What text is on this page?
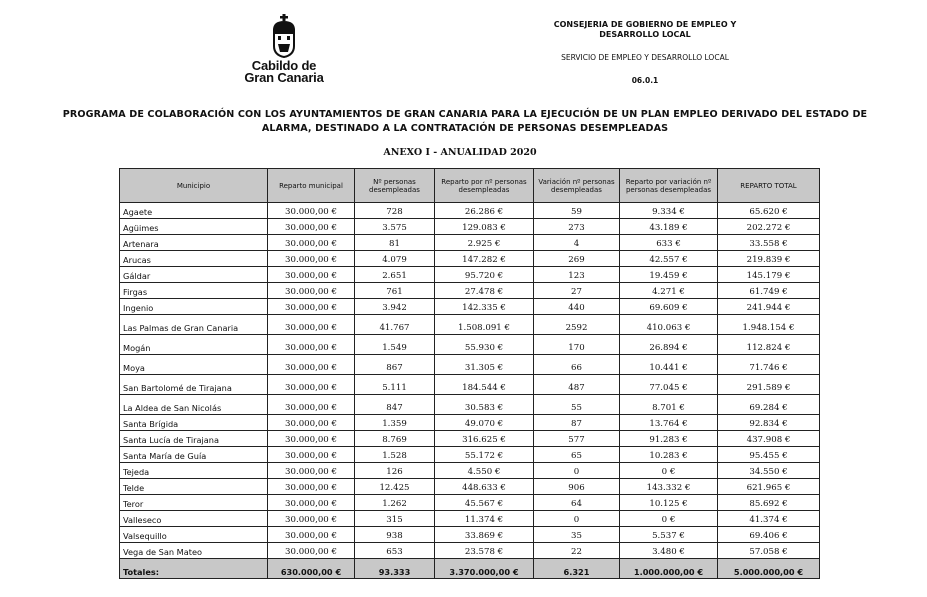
Cabildo de
Gran Canaria
CONSEJERIA DE GOBIERNO DE EMPLEO Y
DESARROLLO LOCAL
SERVICIO DE EMPLEO Y DESARROLLO LOCAL
06.0.1
PROGRAMA DE COLABORACIÓN CON LOS AYUNTAMIENTOS DE GRAN CANARIA PARA LA EJECUCIÓN DE UN PLAN EMPLEO DERIVADO DEL ESTADO DE
ALARMA, DESTINADO A LA CONTRATACIÓN DE PERSONAS DESEMPLEADAS
ANEXO I - ANUALIDAD 2020
Municipio	Reparto municipal	Nº personas desempleadas	Reparto por nº personas desempleadas	Variación nº personas desempleadas	Reparto por variación nº personas desempleadas	REPARTO TOTAL
Agaete	30.000,00 €	728	26.286 €	59	9.334 €	65.620 €
Agüimes	30.000,00 €	3.575	129.083 €	273	43.189 €	202.272 €
Artenara	30.000,00 €	81	2.925 €	4	633 €	33.558 €
Arucas	30.000,00 €	4.079	147.282 €	269	42.557 €	219.839 €
Gáldar	30.000,00 €	2.651	95.720 €	123	19.459 €	145.179 €
Firgas	30.000,00 €	761	27.478 €	27	4.271 €	61.749 €
Ingenio	30.000,00 €	3.942	142.335 €	440	69.609 €	241.944 €
Las Palmas de Gran Canaria	30.000,00 €	41.767	1.508.091 €	2592	410.063 €	1.948.154 €
Mogán	30.000,00 €	1.549	55.930 €	170	26.894 €	112.824 €
Moya	30.000,00 €	867	31.305 €	66	10.441 €	71.746 €
San Bartolomé de Tirajana	30.000,00 €	5.111	184.544 €	487	77.045 €	291.589 €
La Aldea de San Nicolás	30.000,00 €	847	30.583 €	55	8.701 €	69.284 €
Santa Brígida	30.000,00 €	1.359	49.070 €	87	13.764 €	92.834 €
Santa Lucía de Tirajana	30.000,00 €	8.769	316.625 €	577	91.283 €	437.908 €
Santa María de Guía	30.000,00 €	1.528	55.172 €	65	10.283 €	95.455 €
Tejeda	30.000,00 €	126	4.550 €	0	0 €	34.550 €
Telde	30.000,00 €	12.425	448.633 €	906	143.332 €	621.965 €
Teror	30.000,00 €	1.262	45.567 €	64	10.125 €	85.692 €
Valleseco	30.000,00 €	315	11.374 €	0	0 €	41.374 €
Valsequillo	30.000,00 €	938	33.869 €	35	5.537 €	69.406 €
Vega de San Mateo	30.000,00 €	653	23.578 €	22	3.480 €	57.058 €
Totales:	630.000,00 €	93.333	3.370.000,00 €	6.321	1.000.000,00 €	5.000.000,00 €
